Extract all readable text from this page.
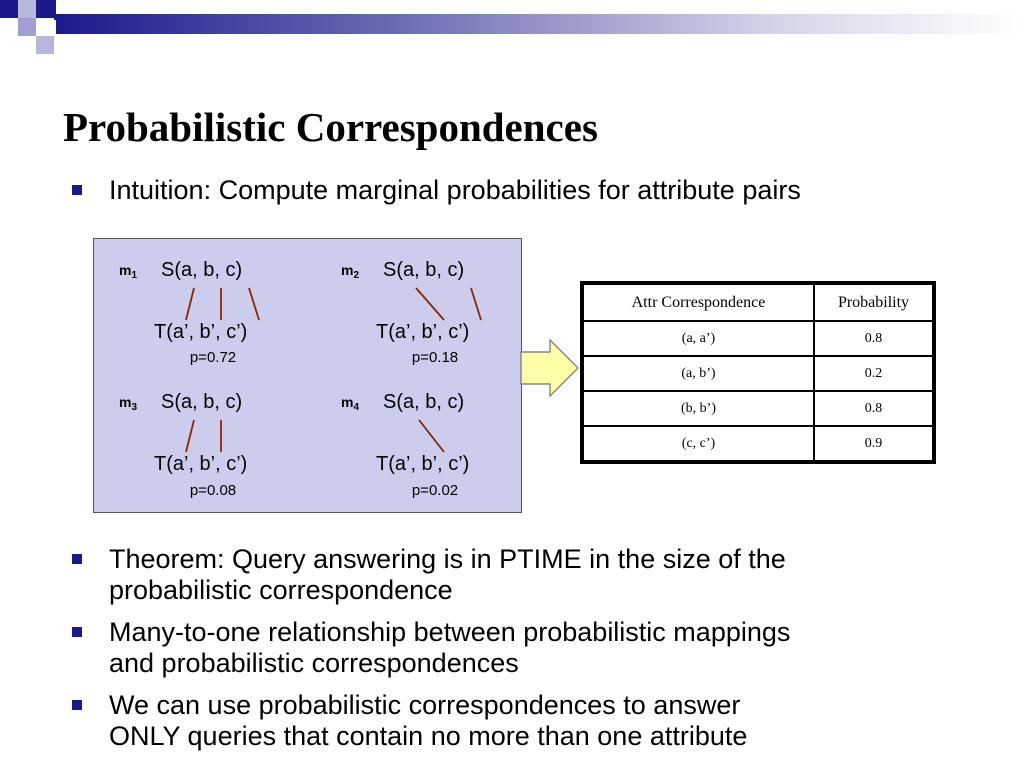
Probabilistic Correspondences
Intuition: Compute marginal probabilities for attribute pairs
$m_1$ S(a, b, c)
T(a’, b’, c’)
p=0.72
$m_2$ S(a, b, c)
T(a’, b’, c’)
p=0.18
$m_3$ S(a, b, c)
T(a’, b’, c’)
p=0.08
$m_4$ S(a, b, c)
T(a’, b’, c’)
p=0.02
Attr Correspondence	Probability
(a, a’)	0.8
(a, b’)	0.2
(b, b’)	0.8
(c, c’)	0.9
Theorem: Query answering is in PTIME in the size of the
probabilistic correspondence
Many-to-one relationship between probabilistic mappings
and probabilistic correspondences
We can use probabilistic correspondences to answer
ONLY queries that contain no more than one attribute
